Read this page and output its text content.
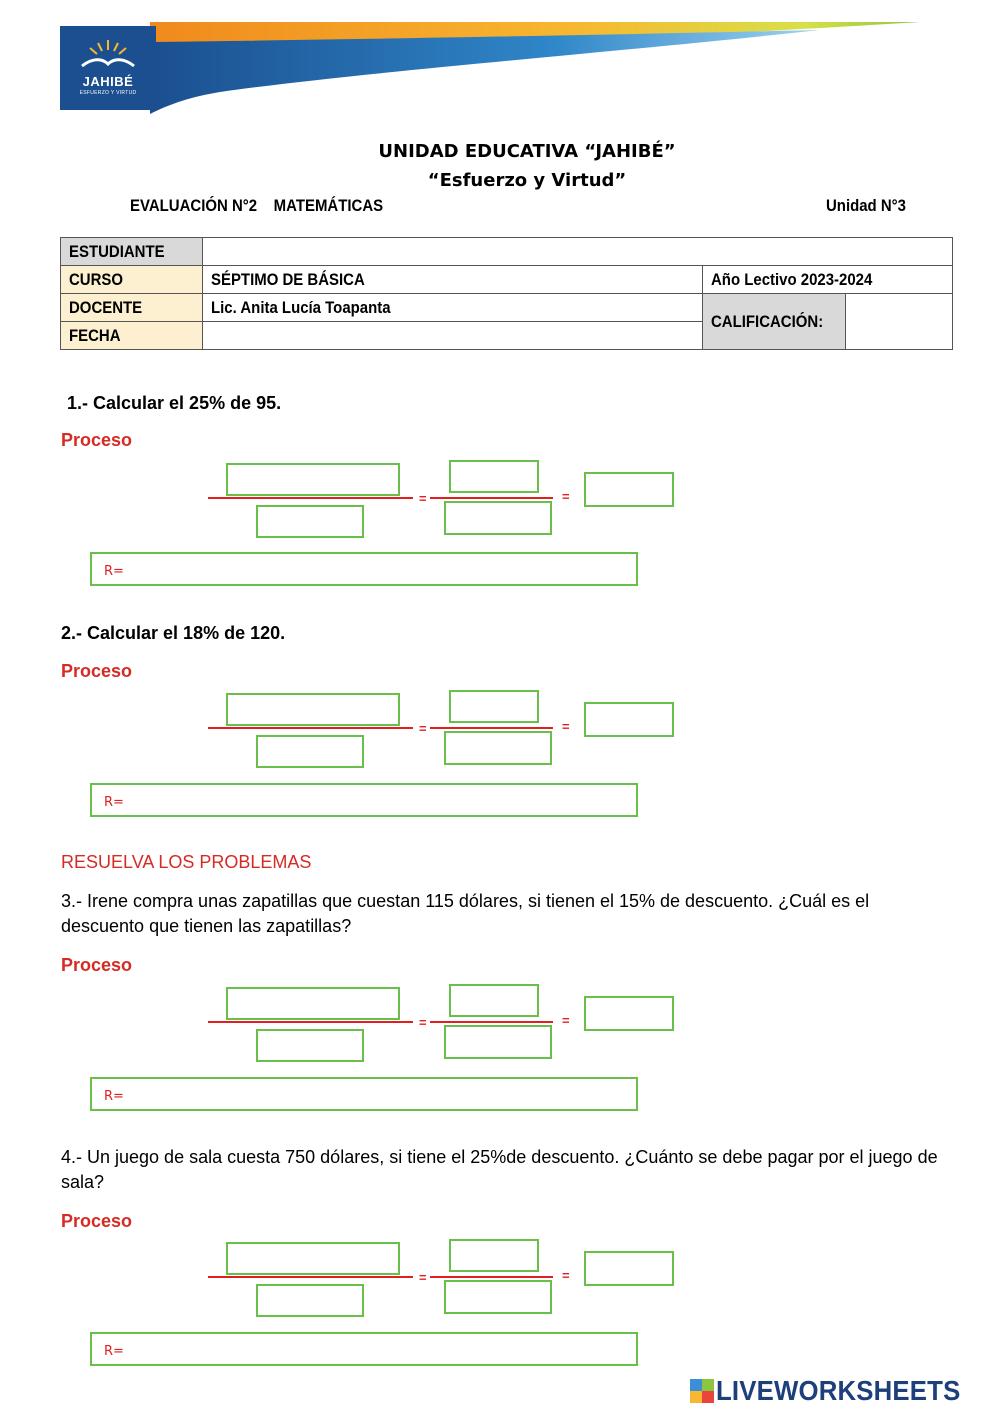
JAHIBÉ
ESFUERZO Y VIRTUD
UNIDAD EDUCATIVA “JAHIBÉ”
“Esfuerzo y Virtud”
EVALUACIÓN N°2    MATEMÁTICAS	Unidad N°3
ESTUDIANTE			
CURSO	SÉPTIMO DE BÁSICA	Año Lectivo 2023-2024	
DOCENTE	Lic. Anita Lucía Toapanta	CALIFICACIÓN:	
FECHA			
1.- Calcular el 25% de 95.
Proceso
=	=
R=
2.- Calcular el 18% de 120.
Proceso
=	=
R=
RESUELVA LOS PROBLEMAS
3.- Irene compra unas zapatillas que cuestan 115 dólares, si tienen el 15% de descuento. ¿Cuál es el descuento que tienen las zapatillas?
Proceso
=	=
R=
4.- Un juego de sala cuesta 750 dólares, si tiene el 25%de descuento. ¿Cuánto se debe pagar por el juego de sala?
Proceso
=	=
R=
LIVEWORKSHEETS
